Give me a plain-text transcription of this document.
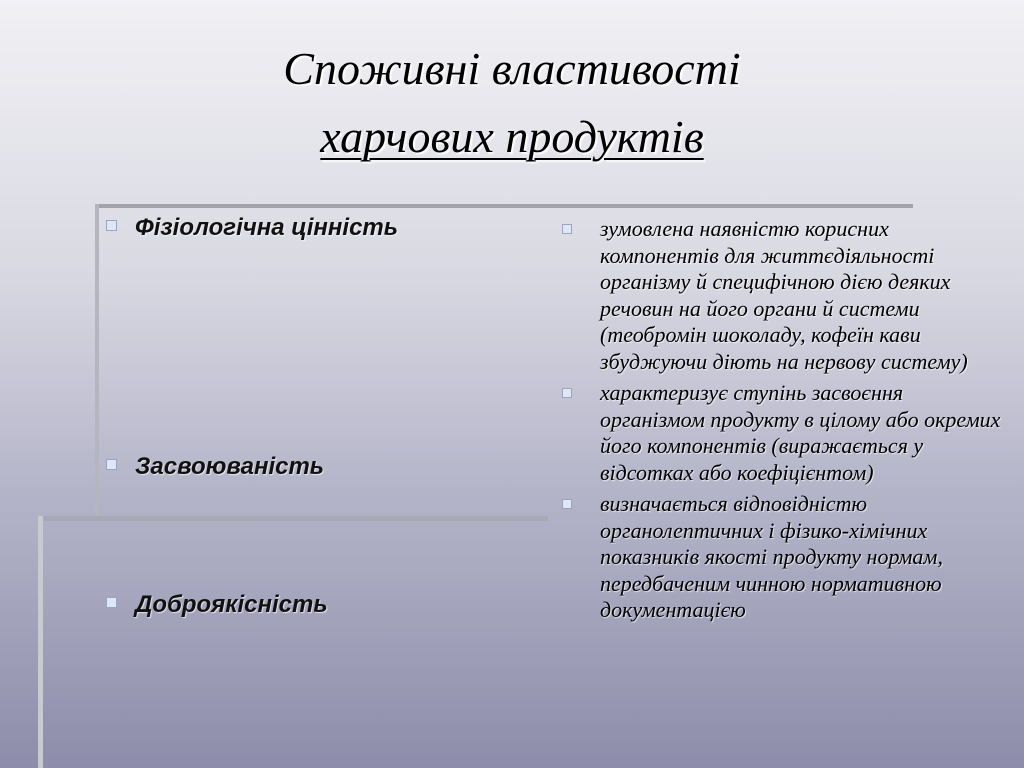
Споживні властивості
харчових продуктів
Фізіологічна цінність
Засвоюваність
Доброякісність
зумовлена наявністю корисних компонентів для життєдіяльності організму й специфічною дією деяких речовин на його органи й системи (теобромін шоколаду, кофеїн кави збуджуючи діють на нервову систему)
характеризує ступінь засвоєння організмом продукту в цілому або окремих його компонентів (виражається у відсотках або коефіцієнтом)
визначається відповідністю органолептичних і фізико-хімічних показників якості продукту нормам, передбаченим чинною нормативною документацією
